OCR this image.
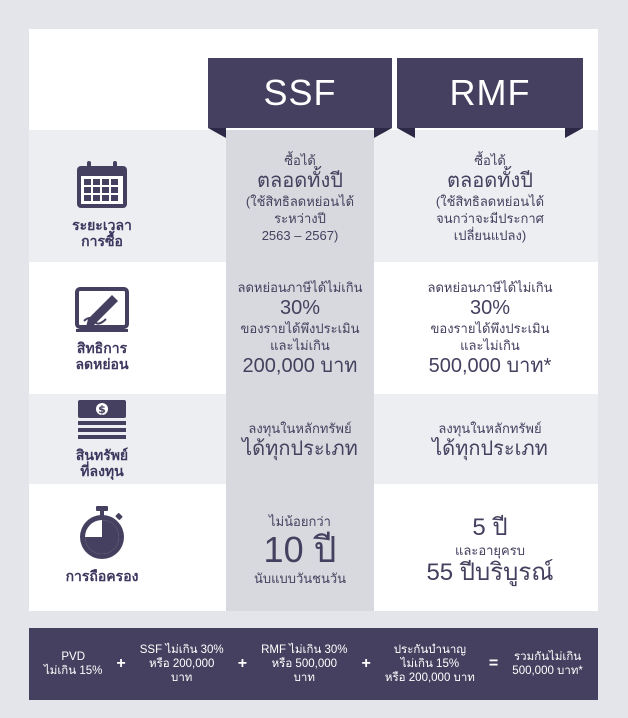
SSF	RMF
ระยะเวลา
การซื้อ
ซื้อได้
ตลอดทั้งปี
(ใช้สิทธิลดหย่อนได้
ระหว่างปี
2563 – 2567)
ซื้อได้
ตลอดทั้งปี
(ใช้สิทธิลดหย่อนได้
จนกว่าจะมีประกาศ
เปลี่ยนแปลง)
สิทธิการ
ลดหย่อน
ลดหย่อนภาษีได้ไม่เกิน
30%
ของรายได้พึงประเมิน
และไม่เกิน
200,000 บาท
ลดหย่อนภาษีได้ไม่เกิน
30%
ของรายได้พึงประเมิน
และไม่เกิน
500,000 บาท*
$
สินทรัพย์
ที่ลงทุน
ลงทุนในหลักทรัพย์
ได้ทุกประเภท
ลงทุนในหลักทรัพย์
ได้ทุกประเภท
การถือครอง
ไม่น้อยกว่า
10 ปี
นับแบบวันชนวัน
5 ปี
และอายุครบ
55 ปีบริบูรณ์
PVD
ไม่เกิน 15% +
SSF ไม่เกิน 30%
หรือ 200,000
บาท
+
RMF ไม่เกิน 30%
หรือ 500,000
บาท
+
ประกันบำนาญ
ไม่เกิน 15%
หรือ 200,000 บาท
= รวมกันไม่เกิน
500,000 บาท*
